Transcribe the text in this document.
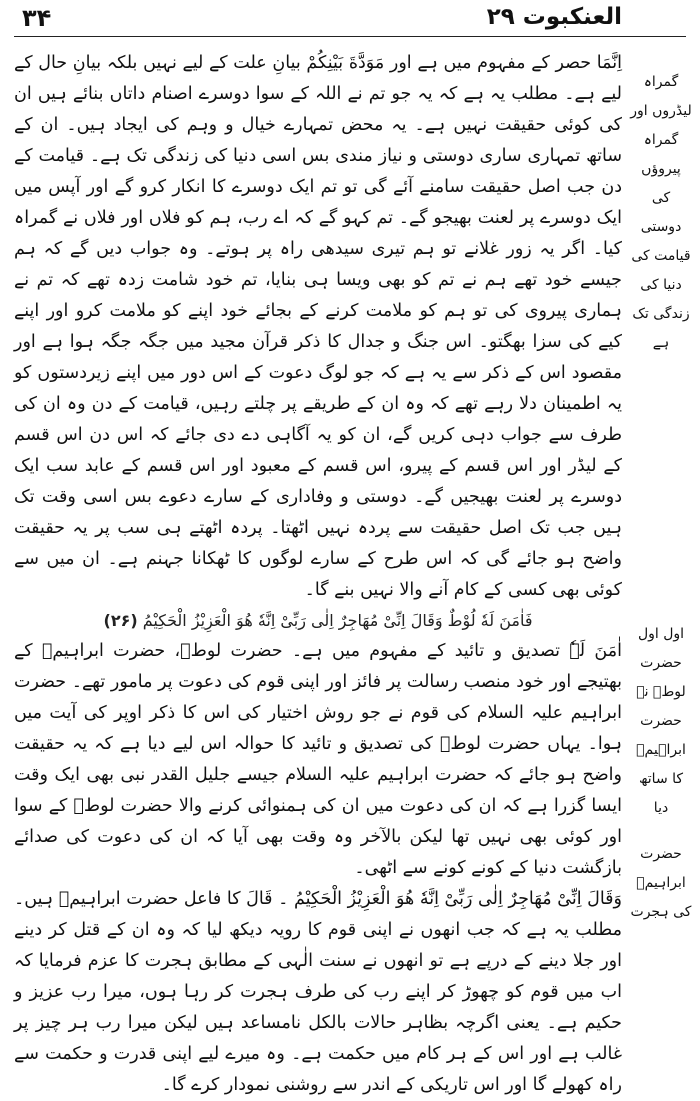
۳۴	العنکبوت ۲۹
گمراہ لیڈروں اور گمراہ پیروؤں کی دوستی قیامت کی دنیا کی زندگی تک ہے
اول اول حضرت لوطؑ نے حضرت ابراہیمؑ کا ساتھ دیا
حضرت ابراہیمؑ کی ہجرت

اِنَّمَا حصر کے مفہوم میں ہے اور مَوَدَّةَ بَیْنِکُمْ بیانِ علت کے لیے نہیں بلکہ بیانِ حال کے لیے ہے۔ مطلب یہ ہے کہ یہ جو تم نے اللہ کے سوا دوسرے اصنام داتاں بنائے ہیں ان کی کوئی حقیقت نہیں ہے۔ یہ محض تمہارے خیال و وہم کی ایجاد ہیں۔ ان کے ساتھ تمہاری ساری دوستی و نیاز مندی بس اسی دنیا کی زندگی تک ہے۔ قیامت کے دن جب اصل حقیقت سامنے آئے گی تو تم ایک دوسرے کا انکار کرو گے اور آپس میں ایک دوسرے پر لعنت بھیجو گے۔ تم کہو گے کہ اے رب، ہم کو فلاں اور فلاں نے گمراہ کیا۔ اگر یہ زور غلانے تو ہم تیری سیدھی راہ پر ہوتے۔ وہ جواب دیں گے کہ ہم جیسے خود تھے ہم نے تم کو بھی ویسا ہی بنایا، تم خود شامت زدہ تھے کہ تم نے ہماری پیروی کی تو ہم کو ملامت کرنے کے بجائے خود اپنے کو ملامت کرو اور اپنے کیے کی سزا بھگتو۔ اس جنگ و جدال کا ذکر قرآن مجید میں جگہ جگہ ہوا ہے اور مقصود اس کے ذکر سے یہ ہے کہ جو لوگ دعوت کے اس دور میں اپنے زیردستوں کو یہ اطمینان دلا رہے تھے کہ وہ ان کے طریقے پر چلتے رہیں، قیامت کے دن وہ ان کی طرف سے جواب دہی کریں گے، ان کو یہ آگاہی دے دی جائے کہ اس دن اس قسم کے لیڈر اور اس قسم کے پیرو، اس قسم کے معبود اور اس قسم کے عابد سب ایک دوسرے پر لعنت بھیجیں گے۔ دوستی و وفاداری کے سارے دعوے بس اسی وقت تک ہیں جب تک اصل حقیقت سے پردہ نہیں اٹھتا۔ پردہ اٹھتے ہی سب پر یہ حقیقت واضح ہو جائے گی کہ اس طرح کے سارے لوگوں کا ٹھکانا جہنم ہے۔ ان میں سے کوئی بھی کسی کے کام آنے والا نہیں بنے گا۔

فَاٰمَنَ لَهٗ لُوْطٌ وَقَالَ اِنِّیْ مُهَاجِرٌ اِلٰی رَبِّیْ اِنَّهٗ هُوَ الْعَزِیْزُ الْحَكِیْمُ (۲۶)

اٰمَنَ لَہٗ تصدیق و تائید کے مفہوم میں ہے۔ حضرت لوطؑ، حضرت ابراہیمؑ کے بھتیجے اور خود منصب رسالت پر فائز اور اپنی قوم کی دعوت پر مامور تھے۔ حضرت ابراہیم علیہ السلام کی قوم نے جو روش اختیار کی اس کا ذکر اوپر کی آیت میں ہوا۔ یہاں حضرت لوطؑ کی تصدیق و تائید کا حوالہ اس لیے دیا ہے کہ یہ حقیقت واضح ہو جائے کہ حضرت ابراہیم علیہ السلام جیسے جلیل القدر نبی بھی ایک وقت ایسا گزرا ہے کہ ان کی دعوت میں ان کی ہمنوائی کرنے والا حضرت لوطؑ کے سوا اور کوئی بھی نہیں تھا لیکن بالآخر وہ وقت بھی آیا کہ ان کی دعوت کی صدائے بازگشت دنیا کے کونے کونے سے اٹھی۔

وَقَالَ اِنِّیْ مُهَاجِرٌ اِلٰی رَبِّیْ اِنَّهٗ هُوَ الْعَزِیْزُ الْحَكِیْمُ ۔ قَالَ کا فاعل حضرت ابراہیمؑ ہیں۔ مطلب یہ ہے کہ جب انھوں نے اپنی قوم کا رویہ دیکھ لیا کہ وہ ان کے قتل کر دینے اور جلا دینے کے درپے ہے تو انھوں نے سنت الٰہی کے مطابق ہجرت کا عزم فرمایا کہ اب میں قوم کو چھوڑ کر اپنے رب کی طرف ہجرت کر رہا ہوں، میرا رب عزیز و حکیم ہے۔ یعنی اگرچہ بظاہر حالات بالکل نامساعد ہیں لیکن میرا رب ہر چیز پر غالب ہے اور اس کے ہر کام میں حکمت ہے۔ وہ میرے لیے اپنی قدرت و حکمت سے راہ کھولے گا اور اس تاریکی کے اندر سے روشنی نمودار کرے گا۔
